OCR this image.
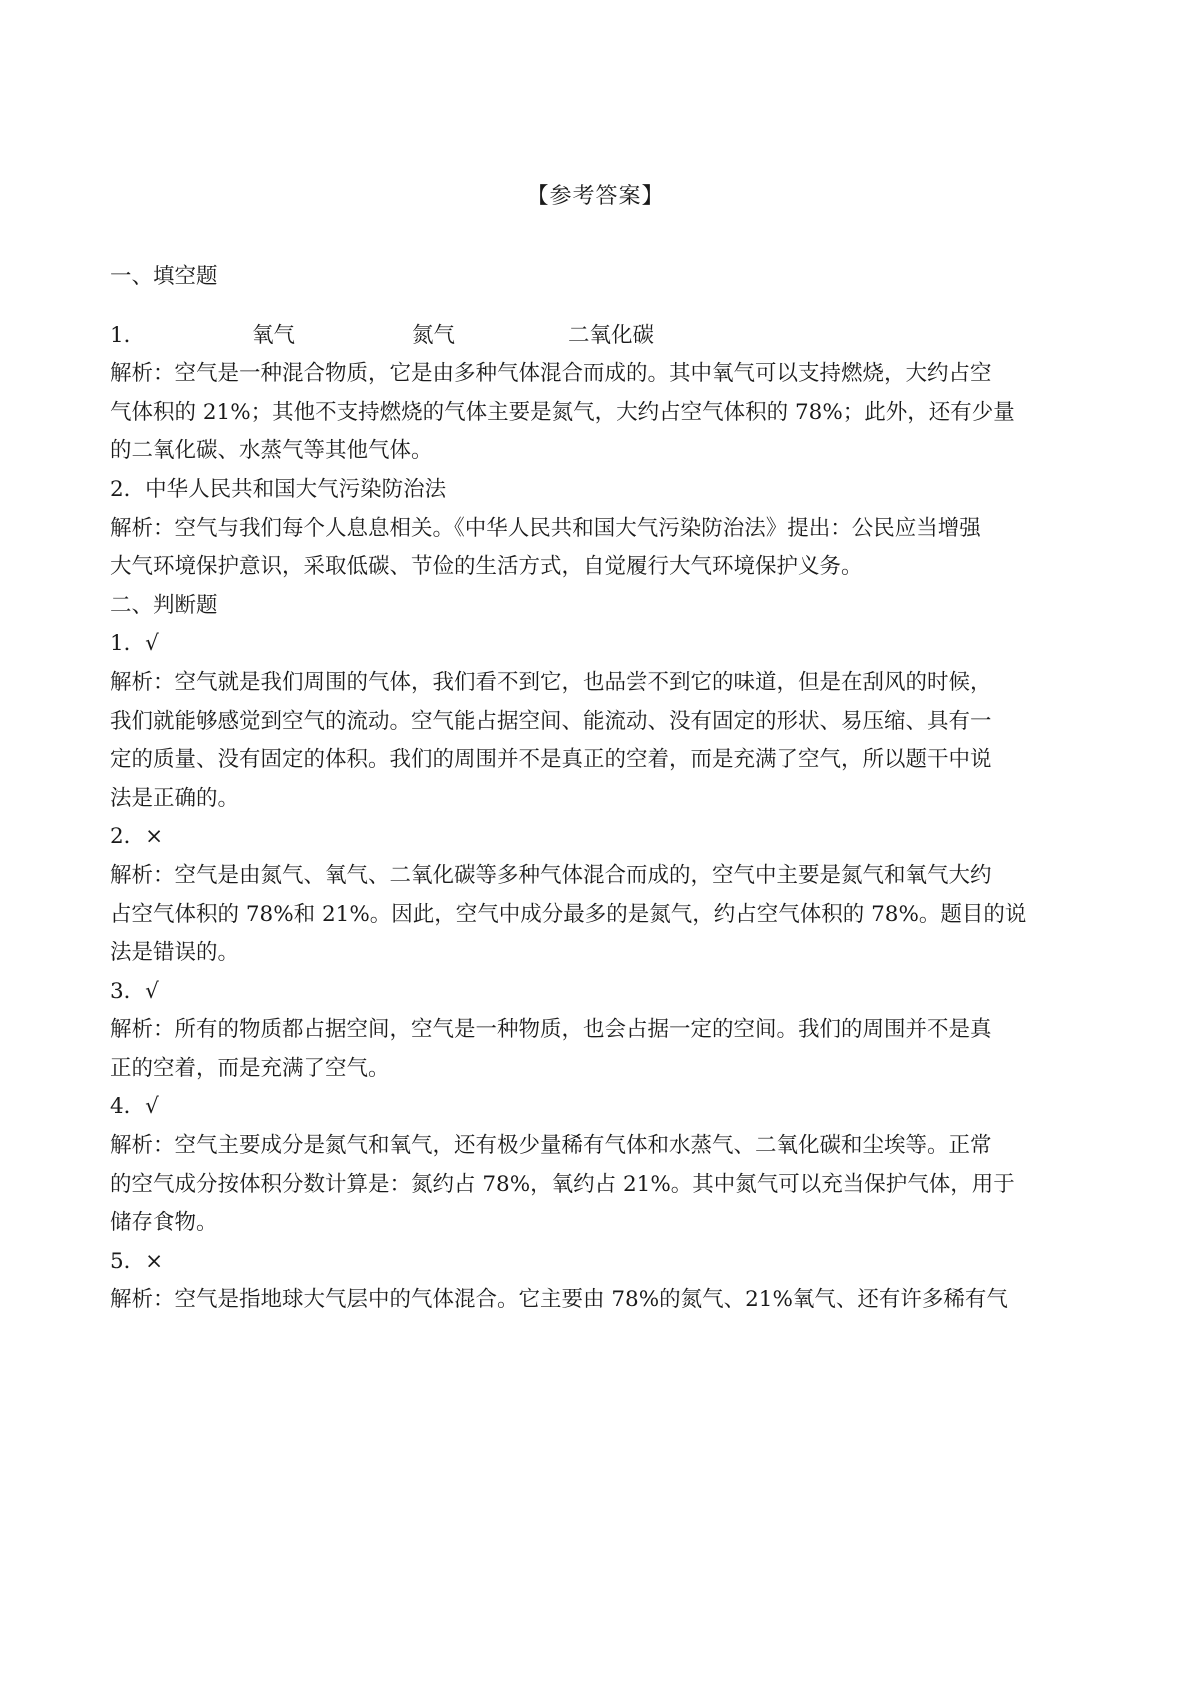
【参考答案】
一、填空题
1．	氧气	氮气	二氧化碳
解析：空气是一种混合物质，它是由多种气体混合而成的。其中氧气可以支持燃烧，大约占空
气体积的 21%；其他不支持燃烧的气体主要是氮气，大约占空气体积的 78%；此外，还有少量
的二氧化碳、水蒸气等其他气体。
2．中华人民共和国大气污染防治法
解析：空气与我们每个人息息相关。《中华人民共和国大气污染防治法》提出：公民应当增强
大气环境保护意识，采取低碳、节俭的生活方式，自觉履行大气环境保护义务。
二、判断题
1．√
解析：空气就是我们周围的气体，我们看不到它，也品尝不到它的味道，但是在刮风的时候，
我们就能够感觉到空气的流动。空气能占据空间、能流动、没有固定的形状、易压缩、具有一
定的质量、没有固定的体积。我们的周围并不是真正的空着，而是充满了空气，所以题干中说
法是正确的。
2．×
解析：空气是由氮气、氧气、二氧化碳等多种气体混合而成的，空气中主要是氮气和氧气大约
占空气体积的 78%和 21%。因此，空气中成分最多的是氮气，约占空气体积的 78%。题目的说
法是错误的。
3．√
解析：所有的物质都占据空间，空气是一种物质，也会占据一定的空间。我们的周围并不是真
正的空着，而是充满了空气。
4．√
解析：空气主要成分是氮气和氧气，还有极少量稀有气体和水蒸气、二氧化碳和尘埃等。正常
的空气成分按体积分数计算是：氮约占 78%，氧约占 21%。其中氮气可以充当保护气体，用于
储存食物。
5．×
解析：空气是指地球大气层中的气体混合。它主要由 78%的氮气、21%氧气、还有许多稀有气
